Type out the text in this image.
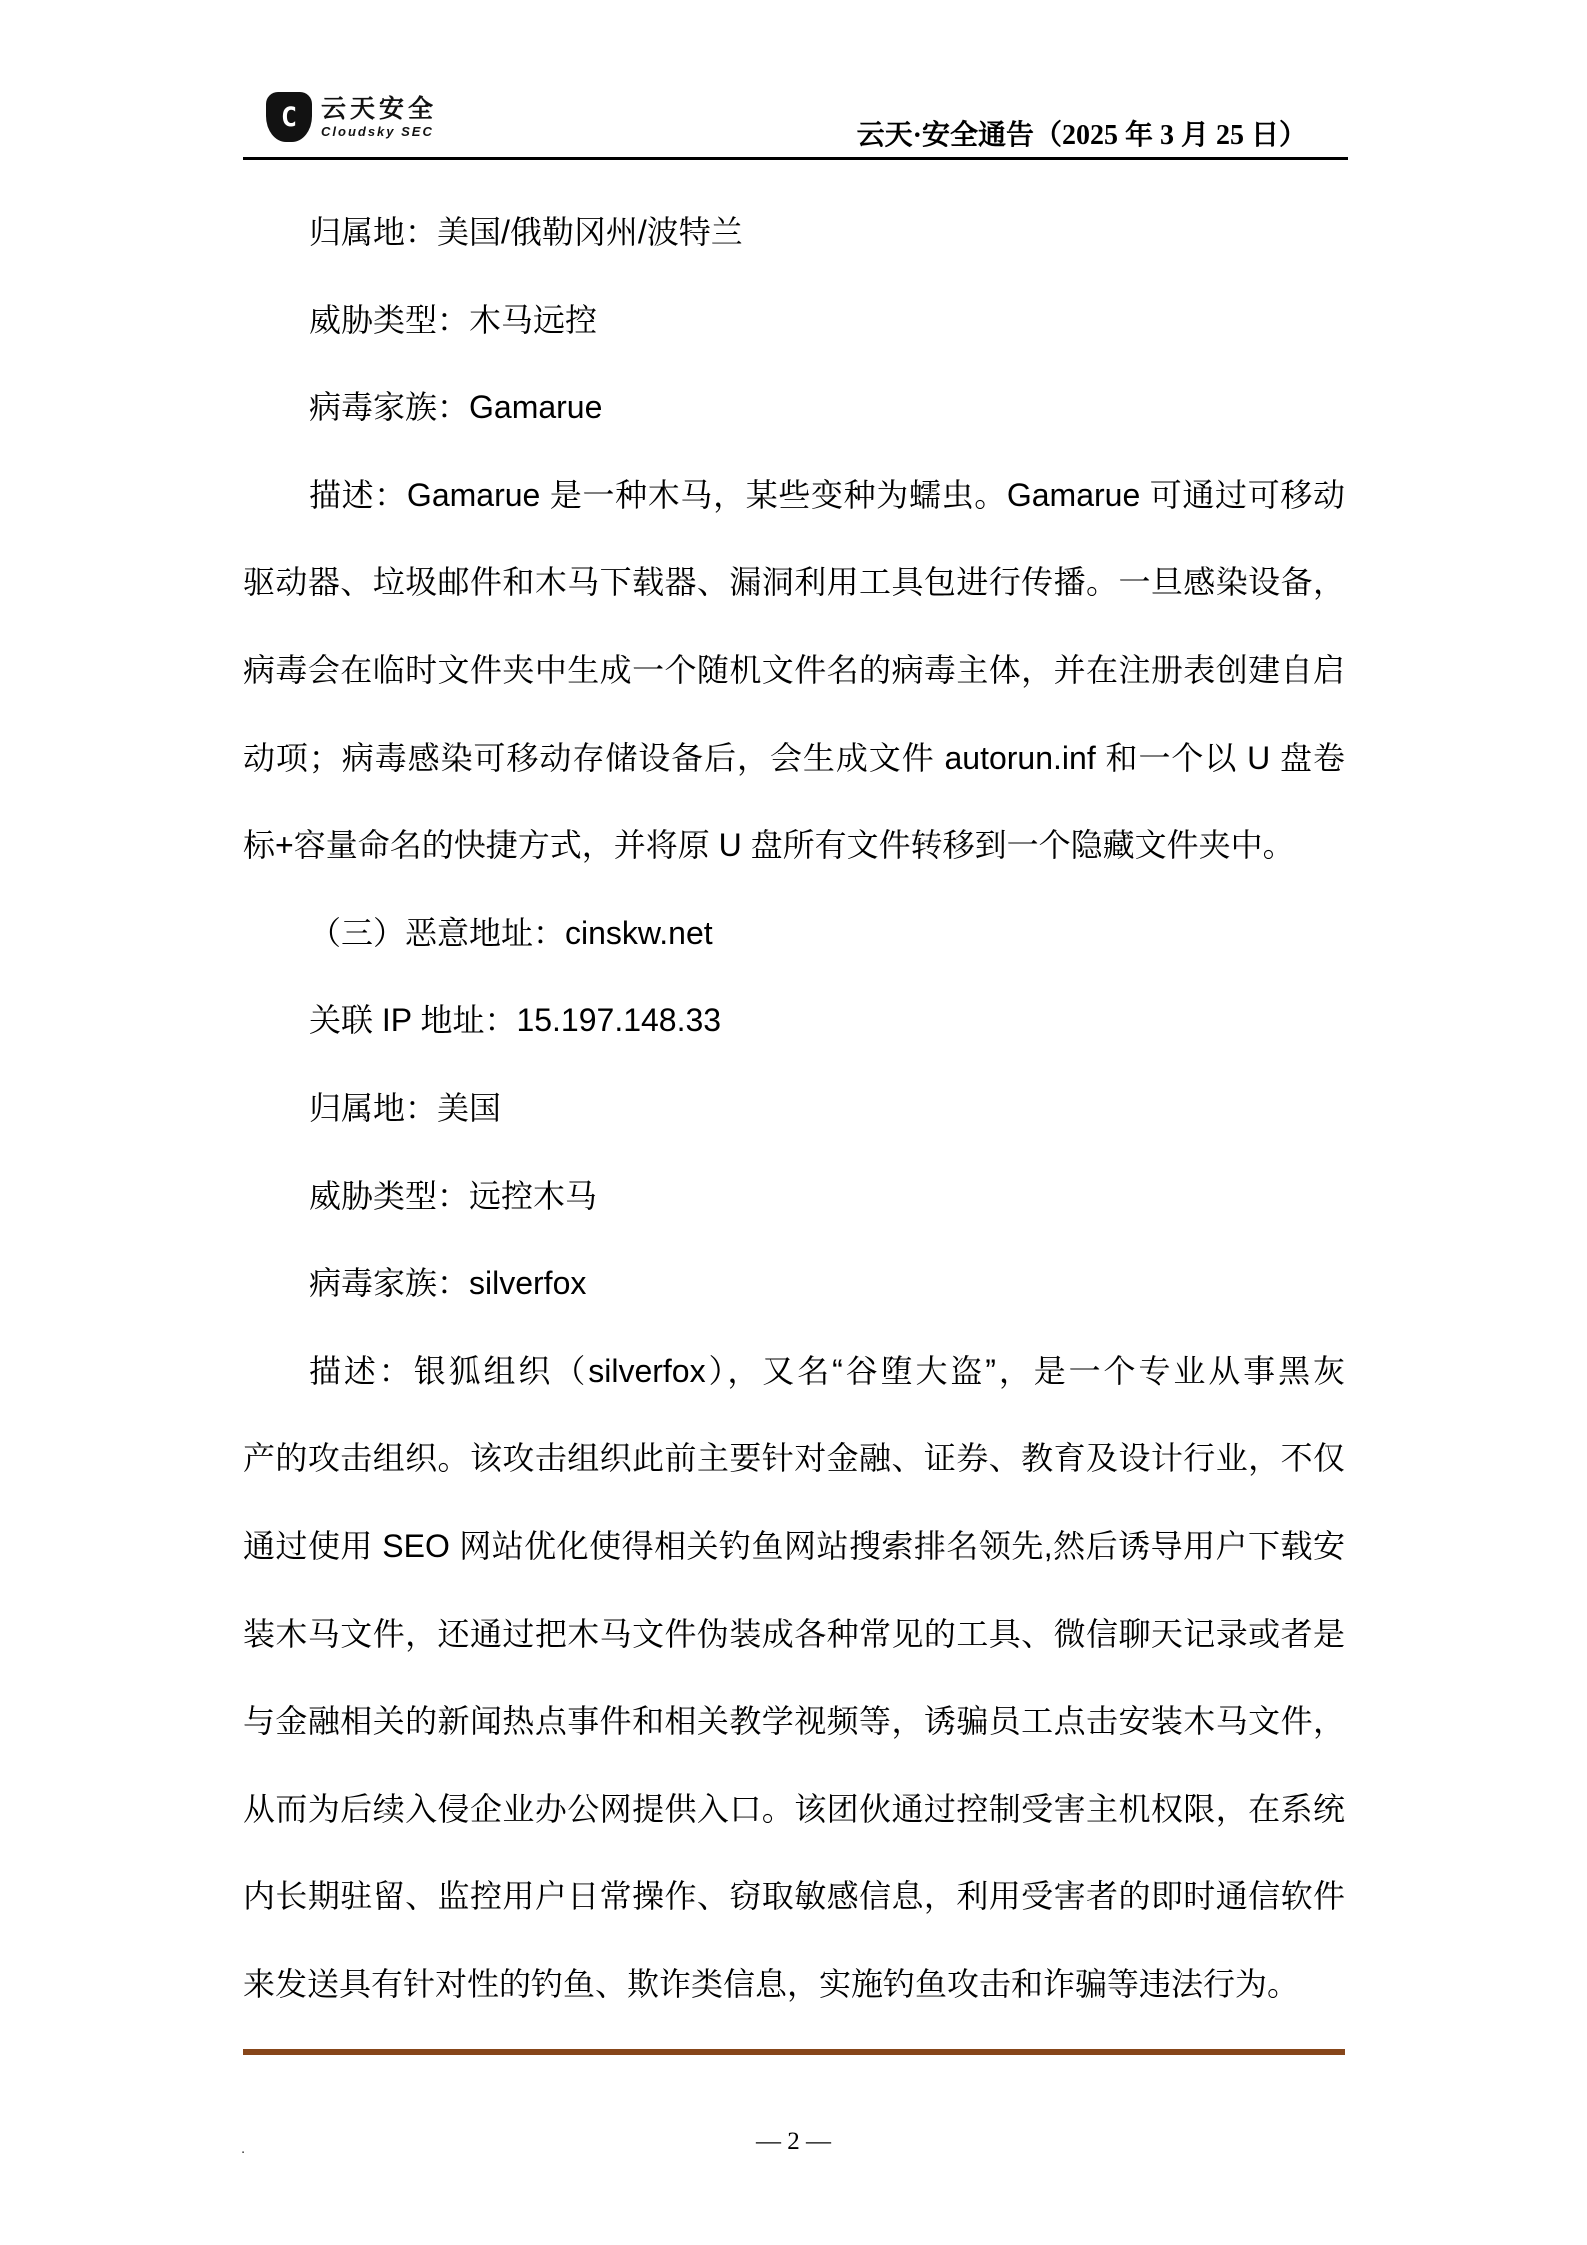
C 云天安全
Cloudsky SEC	云天·安全通告（2025 年 3 月 25 日）
归属地：美国/俄勒冈州/波特兰
威胁类型：木马远控
病毒家族：Gamarue
描述：Gamarue 是一种木马，某些变种为蠕虫。Gamarue 可通过可移动
驱动器、垃圾邮件和木马下载器、漏洞利用工具包进行传播。一旦感染设备，
病毒会在临时文件夹中生成一个随机文件名的病毒主体，并在注册表创建自启
动项；病毒感染可移动存储设备后，会生成文件 autorun.inf 和一个以 U 盘卷
标+容量命名的快捷方式，并将原 U 盘所有文件转移到一个隐藏文件夹中。
（三）恶意地址：cinskw.net
关联 IP 地址：15.197.148.33
归属地：美国
威胁类型：远控木马
病毒家族：silverfox
描述：银狐组织（silverfox），又名“谷堕大盗”，是一个专业从事黑灰
产的攻击组织。该攻击组织此前主要针对金融、证券、教育及设计行业，不仅
通过使用 SEO 网站优化使得相关钓鱼网站搜索排名领先,然后诱导用户下载安
装木马文件，还通过把木马文件伪装成各种常见的工具、微信聊天记录或者是
与金融相关的新闻热点事件和相关教学视频等，诱骗员工点击安装木马文件，
从而为后续入侵企业办公网提供入口。该团伙通过控制受害主机权限，在系统
内长期驻留、监控用户日常操作、窃取敏感信息，利用受害者的即时通信软件
来发送具有针对性的钓鱼、欺诈类信息，实施钓鱼攻击和诈骗等违法行为。
.	— 2 —
